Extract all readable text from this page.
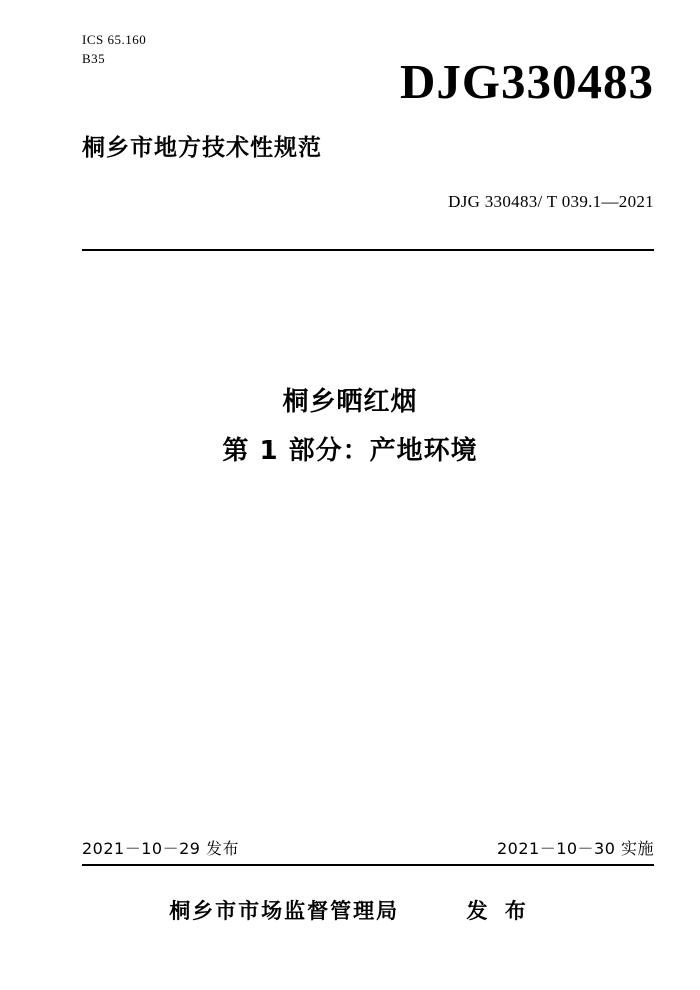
ICS 65.160
B35	DJG330483
桐乡市地方技术性规范
DJG 330483/ T 039.1—2021
桐乡晒红烟
第 1 部分：产地环境
2021－10－29 发布	2021－10－30 实施
桐乡市市场监督管理局	发 布
